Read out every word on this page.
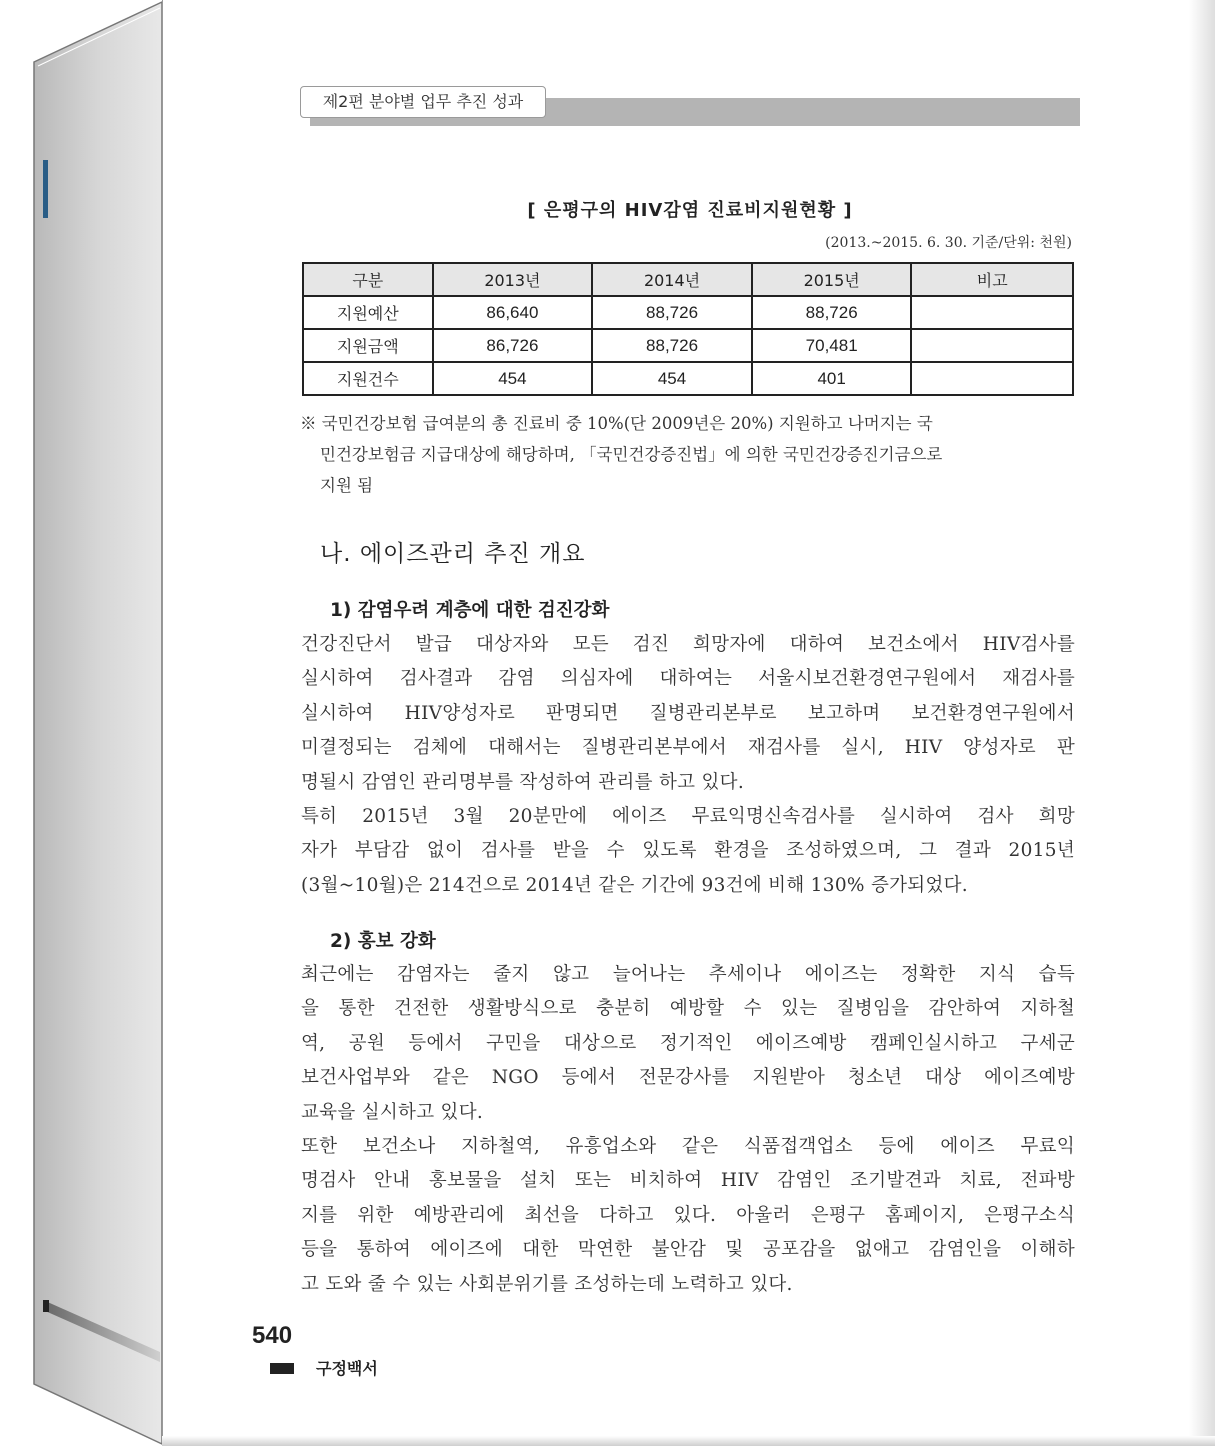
제2편 분야별 업무 추진 성과
[ 은평구의 HIV감염 진료비지원현황 ]
(2013.~2015. 6. 30. 기준/단위: 천원)
구분	2013년	2014년	2015년	비고
지원예산	86,640	88,726	88,726	
지원금액	86,726	88,726	70,481	
지원건수	454	454	401	
※ 국민건강보험 급여분의 총 진료비 중 10%(단 2009년은 20%) 지원하고 나머지는 국
민건강보험금 지급대상에 해당하며, 「국민건강증진법」에 의한 국민건강증진기금으로
지원 됨
나. 에이즈관리 추진 개요
1) 감염우려 계층에 대한 검진강화
건강진단서 발급 대상자와 모든 검진 희망자에 대하여 보건소에서 HIV검사를
실시하여 검사결과 감염 의심자에 대하여는 서울시보건환경연구원에서 재검사를
실시하여 HIV양성자로 판명되면 질병관리본부로 보고하며 보건환경연구원에서
미결정되는 검체에 대해서는 질병관리본부에서 재검사를 실시, HIV 양성자로 판
명될시 감염인 관리명부를 작성하여 관리를 하고 있다.
특히 2015년 3월 20분만에 에이즈 무료익명신속검사를 실시하여 검사 희망
자가 부담감 없이 검사를 받을 수 있도록 환경을 조성하였으며, 그 결과 2015년
(3월~10월)은 214건으로 2014년 같은 기간에 93건에 비해 130% 증가되었다.
2) 홍보 강화
최근에는 감염자는 줄지 않고 늘어나는 추세이나 에이즈는 정확한 지식 습득
을 통한 건전한 생활방식으로 충분히 예방할 수 있는 질병임을 감안하여 지하철
역, 공원 등에서 구민을 대상으로 정기적인 에이즈예방 캠페인실시하고 구세군
보건사업부와 같은 NGO 등에서 전문강사를 지원받아 청소년 대상 에이즈예방
교육을 실시하고 있다.
또한 보건소나 지하철역, 유흥업소와 같은 식품접객업소 등에 에이즈 무료익
명검사 안내 홍보물을 설치 또는 비치하여 HIV 감염인 조기발견과 치료, 전파방
지를 위한 예방관리에 최선을 다하고 있다. 아울러 은평구 홈페이지, 은평구소식
등을 통하여 에이즈에 대한 막연한 불안감 및 공포감을 없애고 감염인을 이해하
고 도와 줄 수 있는 사회분위기를 조성하는데 노력하고 있다.
540
구정백서
